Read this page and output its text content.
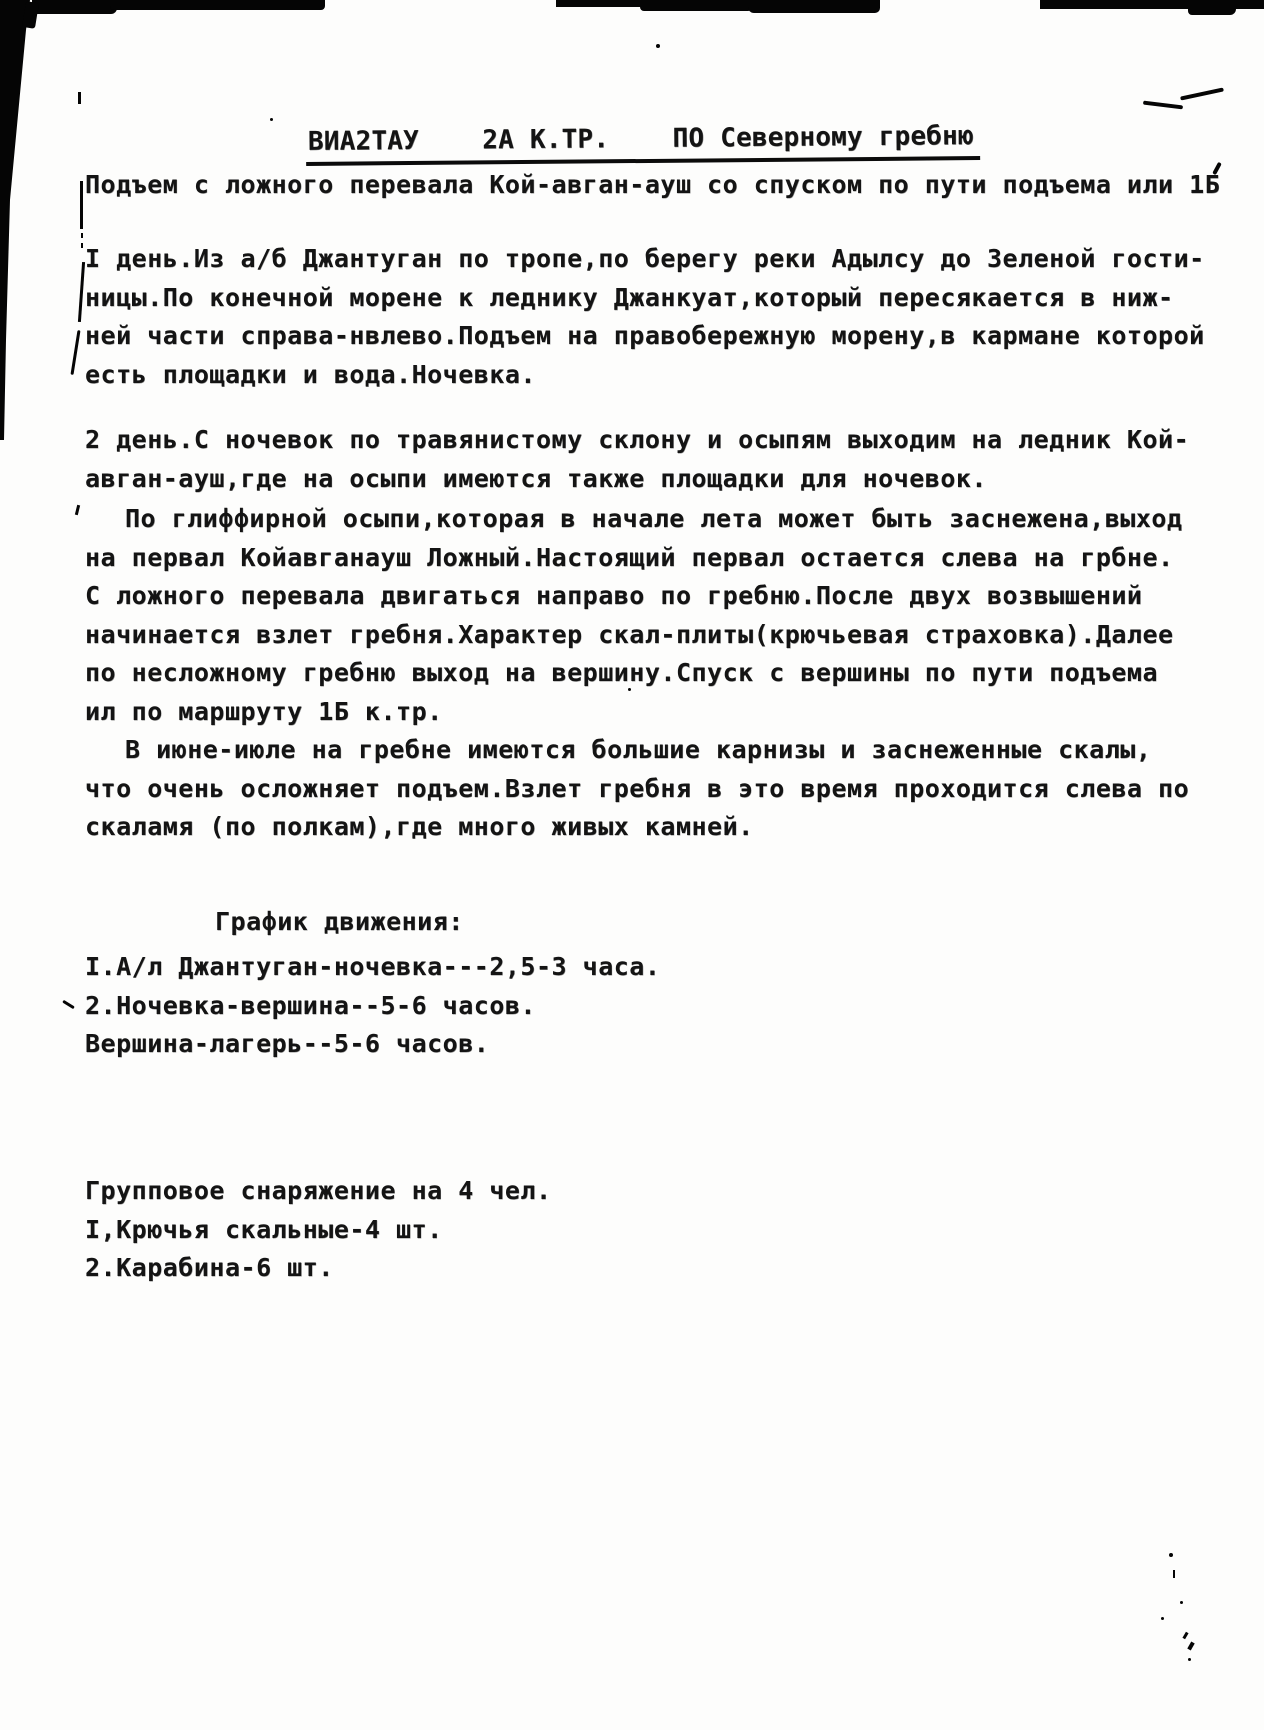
ВИА2ТАУ    2А К.ТР.    ПО Северному гребню
Подъем с ложного перевала Кой-авган-ауш со спуском по пути подъема или 1Б
I день.Из а/б Джантуган по тропе,по берегу реки Адылсу до Зеленой гости-
ницы.По конечной морене к леднику Джанкуат,который пересякается в ниж-
ней части справа-нвлево.Подъем на правобережную морену,в кармане которой
есть площадки и вода.Ночевка.
2 день.С ночевок по травянистому склону и осыпям выходим на ледник Кой-
авган-ауш,где на осыпи имеются также площадки для ночевок.
По глиффирной осыпи,которая в начале лета может быть заснежена,выход
на первал Койавганауш Ложный.Настоящий первал остается слева на грбне.
С ложного перевала двигаться направо по гребню.После двух возвышений
начинается взлет гребня.Характер скал-плиты(крючьевая страховка).Далее
по несложному гребню выход на вершину.Спуск с вершины по пути подъема
ил по маршруту 1Б к.тр.
В июне-июле на гребне имеются большие карнизы и заснеженные скалы,
что очень осложняет подъем.Взлет гребня в это время проходится слева по
скаламя (по полкам),где много живых камней.
График движения:
I.А/л Джантуган-ночевка---2,5-3 часа.
2.Ночевка-вершина--5-6 часов.
Вершина-лагерь--5-6 часов.
Групповое снаряжение на 4 чел.
I,Крючья скальные-4 шт.
2.Карабина-6 шт.
